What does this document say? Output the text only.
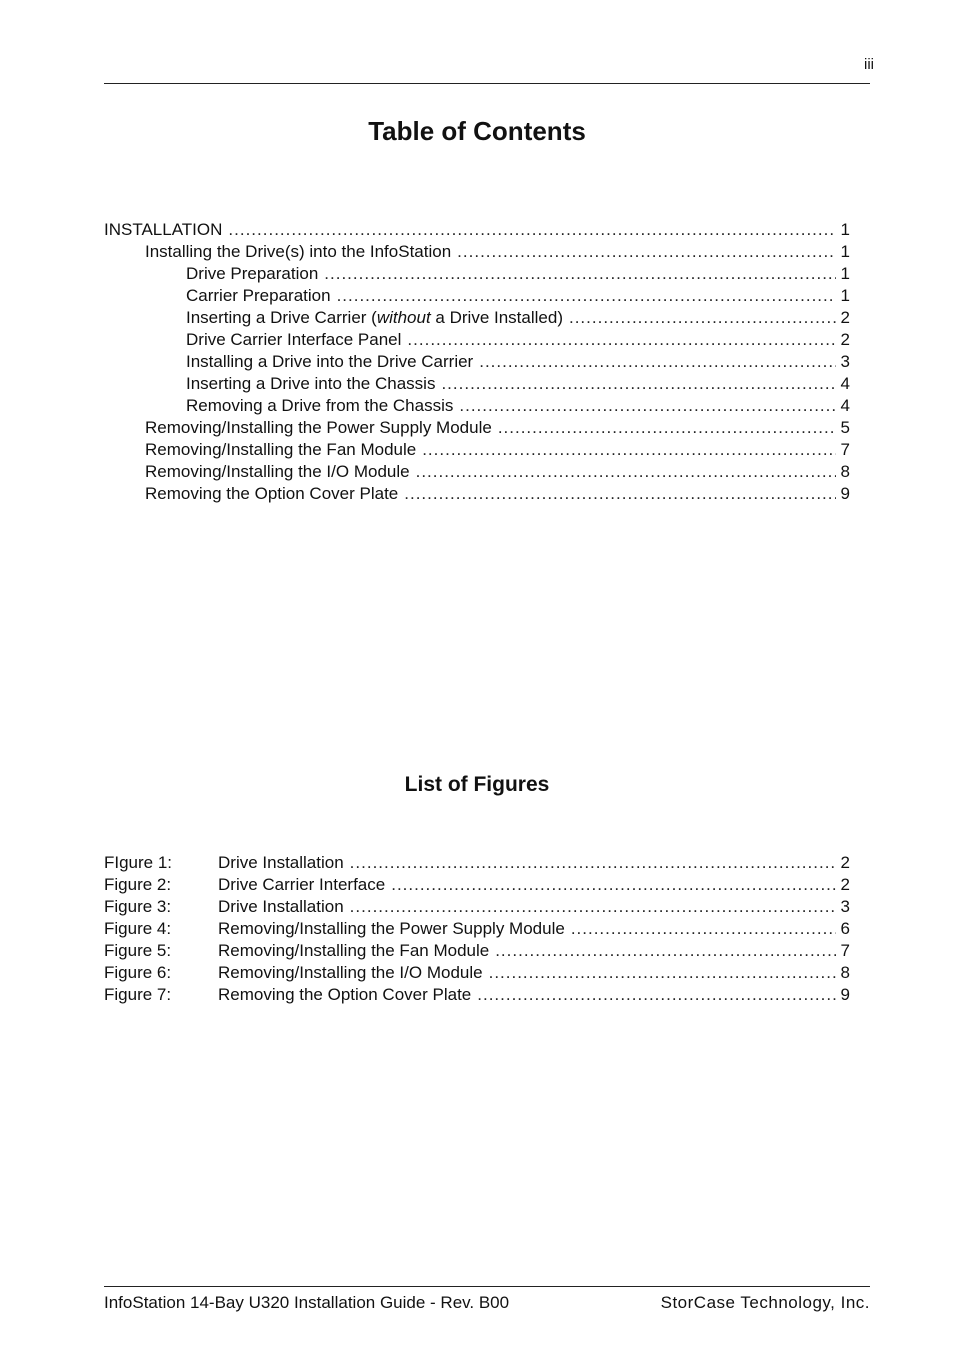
iii
Table of Contents
INSTALLATION .....	1
Installing the Drive(s) into the InfoStation .....	1
Drive Preparation .....	1
Carrier Preparation .....	1
Inserting a Drive Carrier (without a Drive Installed) .....	2
Drive Carrier Interface Panel .....	2
Installing a Drive into the Drive Carrier .....	3
Inserting a Drive into the Chassis .....	4
Removing a Drive from the Chassis .....	4
Removing/Installing the Power Supply Module .....	5
Removing/Installing the Fan Module .....	7
Removing/Installing the I/O Module .....	8
Removing the Option Cover Plate .....	9
List of Figures
FIgure 1:	Drive Installation .....	2
Figure 2:	Drive Carrier Interface .....	2
Figure 3:	Drive Installation .....	3
Figure 4:	Removing/Installing the Power Supply Module .....	6
Figure 5:	Removing/Installing the Fan Module .....	7
Figure 6:	Removing/Installing the I/O Module .....	8
Figure 7:	Removing the Option Cover Plate .....	9
InfoStation 14-Bay U320 Installation Guide - Rev. B00	StorCase Technology, Inc.
